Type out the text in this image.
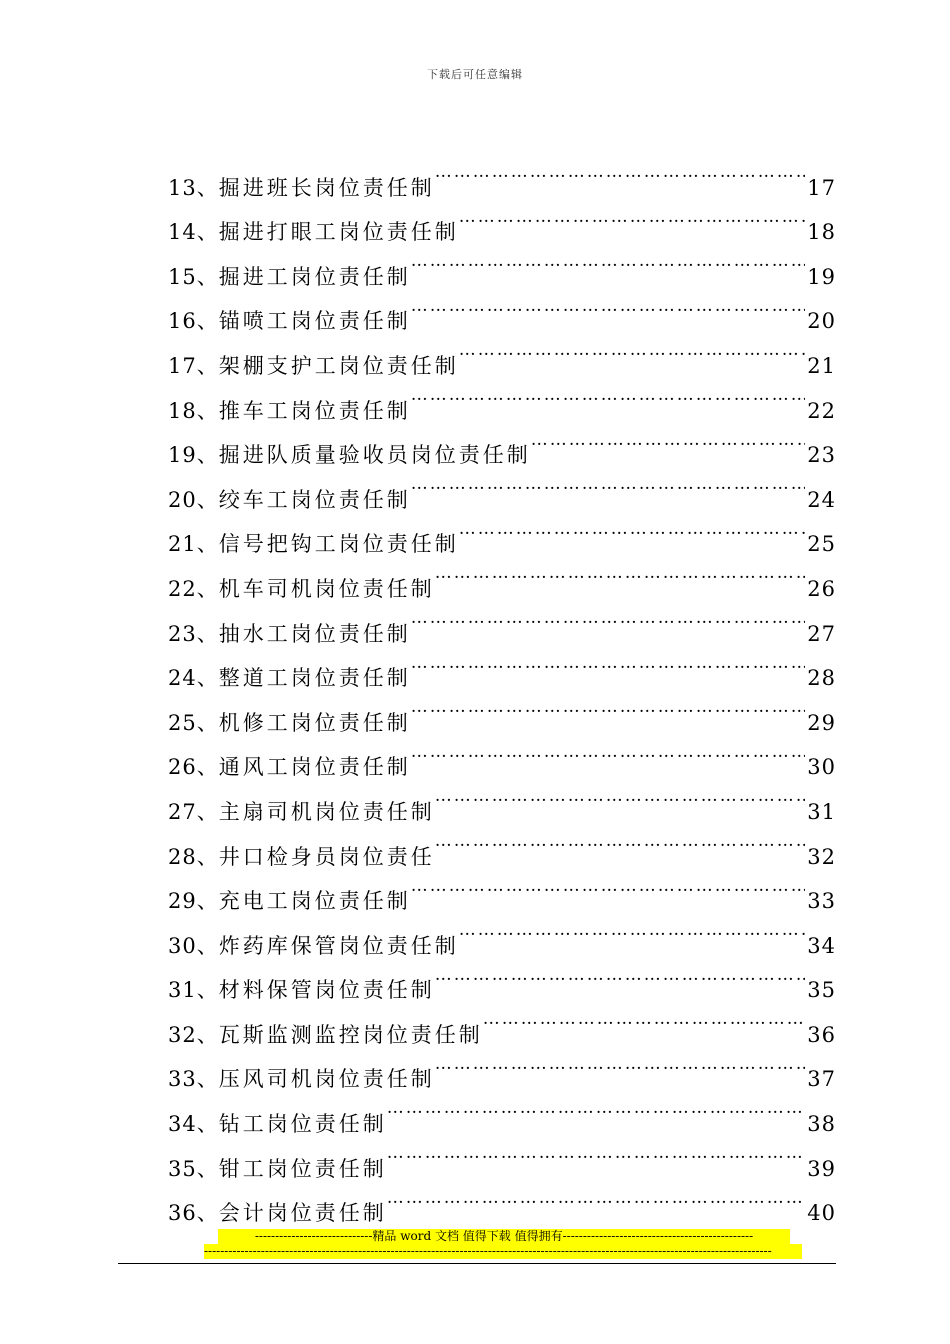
下载后可任意编辑
13、 掘进班长岗位责任制 …………………………………………………………………………………………………………………………………………………………	17
14、 掘进打眼工岗位责任制 …………………………………………………………………………………………………………………………………………………………	18
15、 掘进工岗位责任制 …………………………………………………………………………………………………………………………………………………………	19
16、 锚喷工岗位责任制 …………………………………………………………………………………………………………………………………………………………	20
17、 架棚支护工岗位责任制 …………………………………………………………………………………………………………………………………………………………	21
18、 推车工岗位责任制 …………………………………………………………………………………………………………………………………………………………	22
19、 掘进队质量验收员岗位责任制 …………………………………………………………………………………………………………………………………………………………	23
20、 绞车工岗位责任制 …………………………………………………………………………………………………………………………………………………………	24
21、 信号把钩工岗位责任制 …………………………………………………………………………………………………………………………………………………………	25
22、 机车司机岗位责任制 …………………………………………………………………………………………………………………………………………………………	26
23、 抽水工岗位责任制 …………………………………………………………………………………………………………………………………………………………	27
24、 整道工岗位责任制 …………………………………………………………………………………………………………………………………………………………	28
25、 机修工岗位责任制 …………………………………………………………………………………………………………………………………………………………	29
26、 通风工岗位责任制 …………………………………………………………………………………………………………………………………………………………	30
27、 主扇司机岗位责任制 …………………………………………………………………………………………………………………………………………………………	31
28、 井口检身员岗位责任 …………………………………………………………………………………………………………………………………………………………	32
29、 充电工岗位责任制 …………………………………………………………………………………………………………………………………………………………	33
30、 炸药库保管岗位责任制 …………………………………………………………………………………………………………………………………………………………	34
31、 材料保管岗位责任制 …………………………………………………………………………………………………………………………………………………………	35
32、 瓦斯监测监控岗位责任制 …………………………………………………………………………………………………………………………………………………………	36
33、 压风司机岗位责任制 …………………………………………………………………………………………………………………………………………………………	37
34、 钻工岗位责任制 …………………………………………………………………………………………………………………………………………………………	38
35、 钳工岗位责任制 …………………………………………………………………………………………………………………………………………………………	39
36、 会计岗位责任制 …………………………………………………………………………………………………………………………………………………………	40
-----------------------------精品 word 文档 值得下载 值得拥有-----------------------------------------------
--------------------------------------------------------------------------------------------------------------------------------------------
